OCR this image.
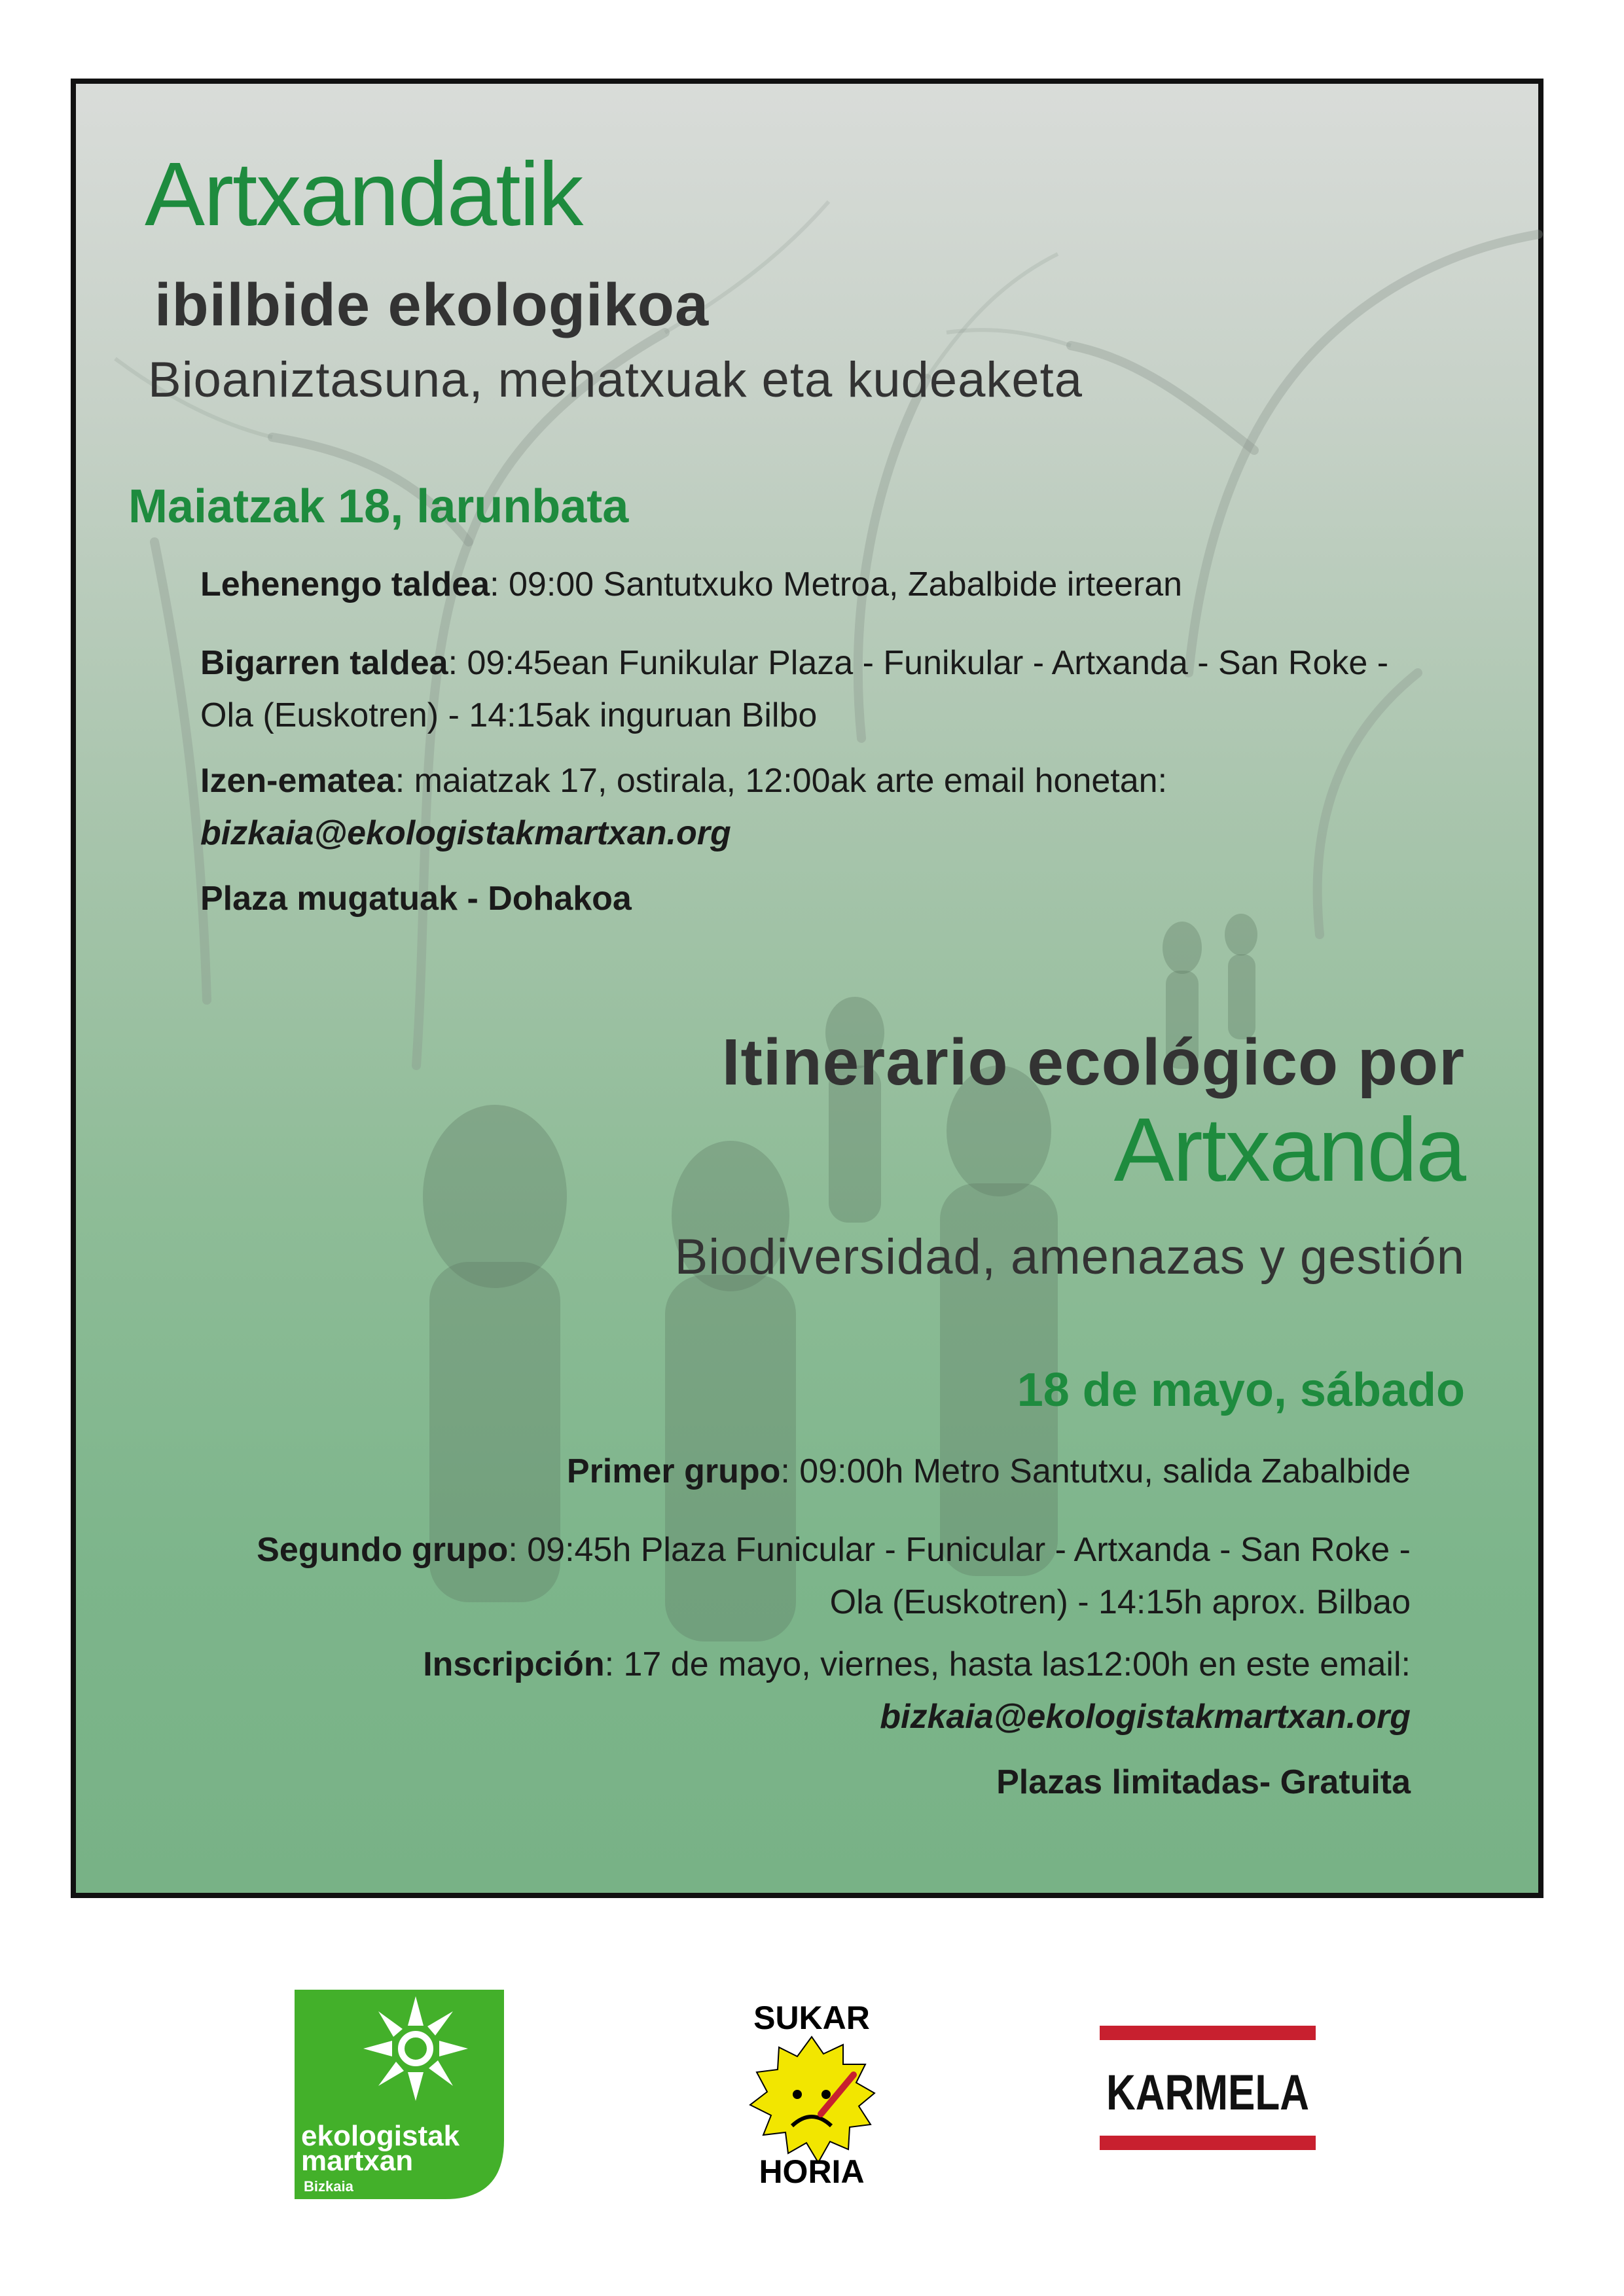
Artxandatik
ibilbide ekologikoa
Bioaniztasuna, mehatxuak eta kudeaketa
Maiatzak 18, larunbata
Lehenengo taldea: 09:00 Santutxuko Metroa, Zabalbide irteeran
Bigarren taldea: 09:45ean Funikular Plaza - Funikular - Artxanda - San Roke -
Ola (Euskotren) - 14:15ak inguruan Bilbo
Izen-ematea: maiatzak 17, ostirala, 12:00ak arte email honetan:
bizkaia@ekologistakmartxan.org
Plaza mugatuak - Dohakoa
Itinerario ecológico por
Artxanda
Biodiversidad, amenazas y gestión
18 de mayo, sábado
Primer grupo: 09:00h Metro Santutxu, salida Zabalbide
Segundo grupo: 09:45h Plaza Funicular - Funicular - Artxanda - San Roke -
Ola (Euskotren) - 14:15h aprox. Bilbao
Inscripción: 17 de mayo, viernes, hasta las12:00h en este email:
bizkaia@ekologistakmartxan.org
Plazas limitadas- Gratuita
ekologistak
martxan
Bizkaia
SUKAR
HORIA
KARMELA
